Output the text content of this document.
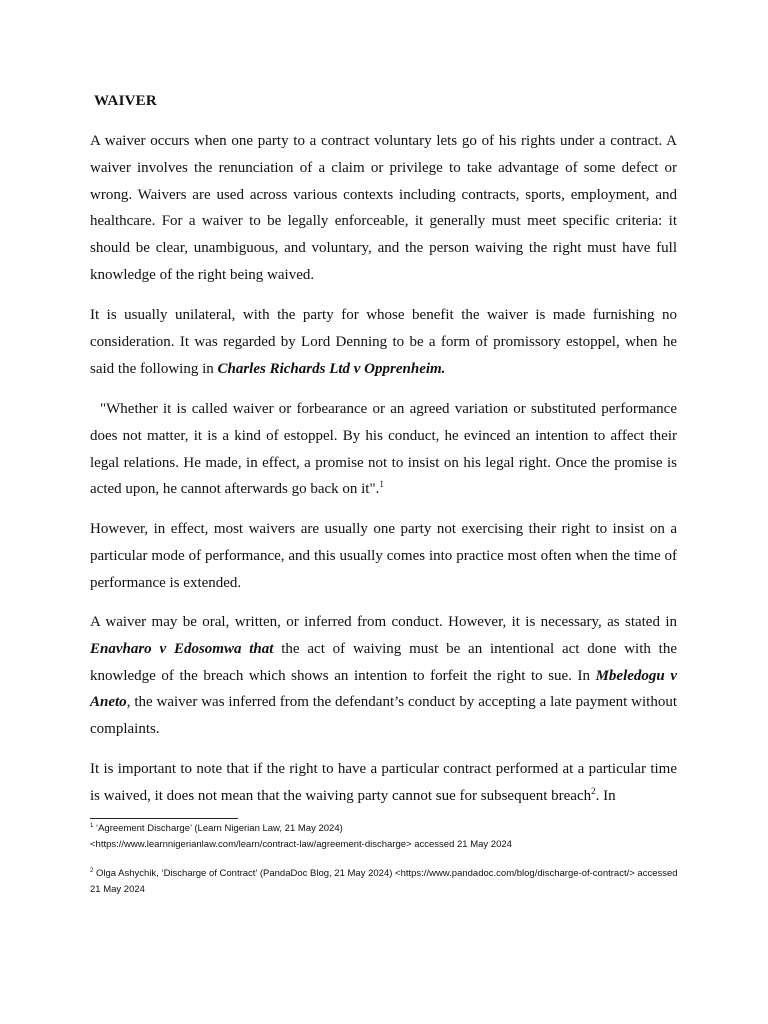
WAIVER

A waiver occurs when one party to a contract voluntary lets go of his rights under a contract. A waiver involves the renunciation of a claim or privilege to take advantage of some defect or wrong. Waivers are used across various contexts including contracts, sports, employment, and healthcare. For a waiver to be legally enforceable, it generally must meet specific criteria: it should be clear, unambiguous, and voluntary, and the person waiving the right must have full knowledge of the right being waived.

It is usually unilateral, with the party for whose benefit the waiver is made furnishing no consideration. It was regarded by Lord Denning to be a form of promissory estoppel, when he said the following in Charles Richards Ltd v Opprenheim.

"Whether it is called waiver or forbearance or an agreed variation or substituted performance does not matter, it is a kind of estoppel. By his conduct, he evinced an intention to affect their legal relations. He made, in effect, a promise not to insist on his legal right. Once the promise is acted upon, he cannot afterwards go back on it".$^1$

However, in effect, most waivers are usually one party not exercising their right to insist on a particular mode of performance, and this usually comes into practice most often when the time of performance is extended.

A waiver may be oral, written, or inferred from conduct. However, it is necessary, as stated in Enavharo v Edosomwa that the act of waiving must be an intentional act done with the knowledge of the breach which shows an intention to forfeit the right to sue. In Mbeledogu v Aneto, the waiver was inferred from the defendant’s conduct by accepting a late payment without complaints.

It is important to note that if the right to have a particular contract performed at a particular time is waived, it does not mean that the waiving party cannot sue for subsequent breach$^2$. In

$^1$ ‘Agreement Discharge’ (Learn Nigerian Law, 21 May 2024)
<https://www.learnnigerianlaw.com/learn/contract-law/agreement-discharge> accessed 21 May 2024

$^2$ Olga Ashychik, ‘Discharge of Contract’ (PandaDoc Blog, 21 May 2024) <https://www.pandadoc.com/blog/discharge-of-contract/> accessed 21 May 2024
